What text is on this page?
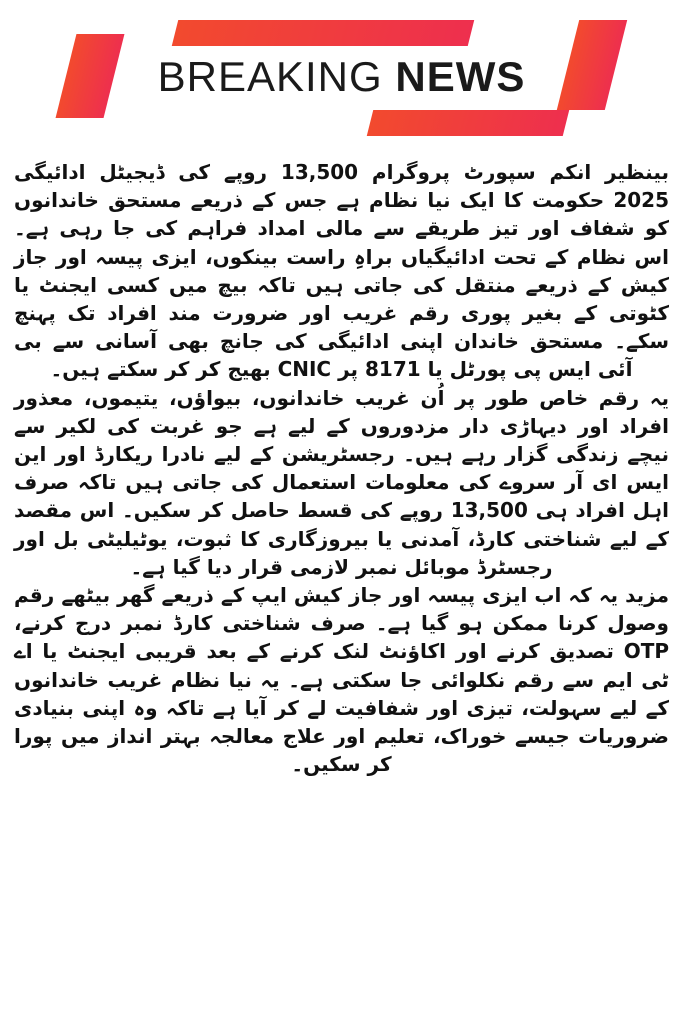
BREAKING NEWS

بینظیر انکم سپورٹ پروگرام 13,500 روپے کی ڈیجیٹل ادائیگی 2025 حکومت کا ایک نیا نظام ہے جس کے ذریعے مستحق خاندانوں کو شفاف اور تیز طریقے سے مالی امداد فراہم کی جا رہی ہے۔ اس نظام کے تحت ادائیگیاں براہِ راست بینکوں، ایزی پیسہ اور جاز کیش کے ذریعے منتقل کی جاتی ہیں تاکہ بیچ میں کسی ایجنٹ یا کٹوتی کے بغیر پوری رقم غریب اور ضرورت مند افراد تک پہنچ سکے۔ مستحق خاندان اپنی ادائیگی کی جانچ بھی آسانی سے بی آئی ایس پی پورٹل یا 8171 پر CNIC بھیج کر کر سکتے ہیں۔

یہ رقم خاص طور پر اُن غریب خاندانوں، بیواؤں، یتیموں، معذور افراد اور دیہاڑی دار مزدوروں کے لیے ہے جو غربت کی لکیر سے نیچے زندگی گزار رہے ہیں۔ رجسٹریشن کے لیے نادرا ریکارڈ اور این ایس ای آر سروے کی معلومات استعمال کی جاتی ہیں تاکہ صرف اہل افراد ہی 13,500 روپے کی قسط حاصل کر سکیں۔ اس مقصد کے لیے شناختی کارڈ، آمدنی یا بیروزگاری کا ثبوت، یوٹیلیٹی بل اور رجسٹرڈ موبائل نمبر لازمی قرار دیا گیا ہے۔

مزید یہ کہ اب ایزی پیسہ اور جاز کیش ایپ کے ذریعے گھر بیٹھے رقم وصول کرنا ممکن ہو گیا ہے۔ صرف شناختی کارڈ نمبر درج کرنے، OTP تصدیق کرنے اور اکاؤنٹ لنک کرنے کے بعد قریبی ایجنٹ یا اے ٹی ایم سے رقم نکلوائی جا سکتی ہے۔ یہ نیا نظام غریب خاندانوں کے لیے سہولت، تیزی اور شفافیت لے کر آیا ہے تاکہ وہ اپنی بنیادی ضروریات جیسے خوراک، تعلیم اور علاج معالجہ بہتر انداز میں پورا کر سکیں۔
